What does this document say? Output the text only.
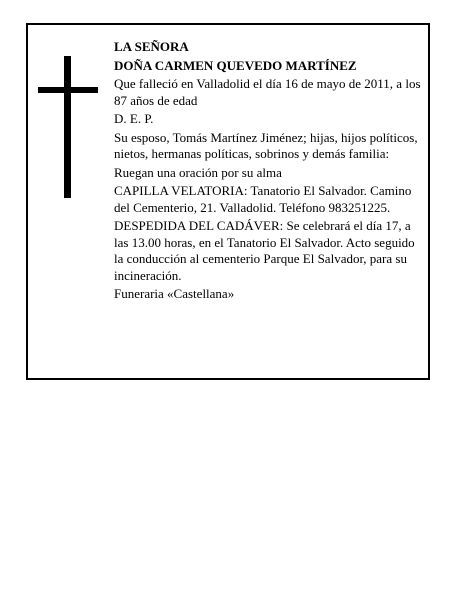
LA SEÑORA
DOÑA CARMEN QUEVEDO MARTÍNEZ
Que falleció en Valladolid el día 16 de mayo de 2011, a los 87 años de edad
D. E. P.
Su esposo, Tomás Martínez Jiménez; hijas, hijos políticos, nietos, hermanas políticas, sobrinos y demás familia:
Ruegan una oración por su alma
CAPILLA VELATORIA: Tanatorio El Salvador. Camino del Cementerio, 21. Valladolid. Teléfono 983251225.
DESPEDIDA DEL CADÁVER: Se celebrará el día 17, a las 13.00 horas, en el Tanatorio El Salvador. Acto seguido la conducción al cementerio Parque El Salvador, para su incineración.
Funeraria «Castellana»
